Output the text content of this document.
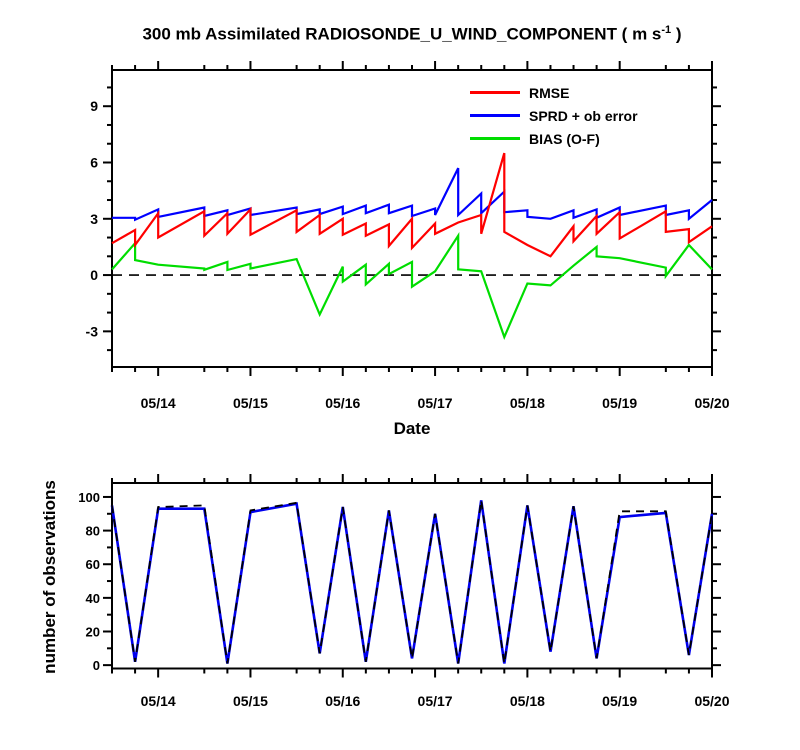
300 mb Assimilated RADIOSONDE_U_WIND_COMPONENT ( m $s^{-1}$ )
RMSE
SPRD + ob error
BIAS (O-F)
-3
0
3
6
9
05/14	05/15	05/16	05/17	05/18	05/19	05/20
0
20
40
60
80
100
05/14	05/15	05/16	05/17	05/18	05/19	05/20
Date
number of observations
